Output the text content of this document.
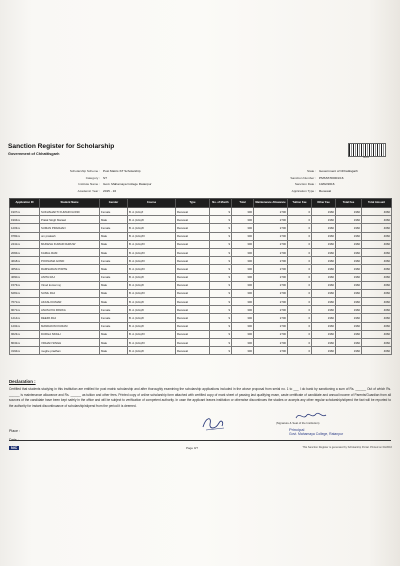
Sanction Register for Scholarship
Government of Chhattisgarh
0001
Scholarship Scheme : Post Matric-ST Scholarship
Category : ST
Institute Name : Govt. Mahamaya College Ratanpur
Academic Year : 2015 - 16
State : Government of Chhattisgarh
Sanction Number : PMSST/00001/16
Sanction Date : 10/02/2016
Application Type : Renewal
Application ID	Student Name	Gender	Course	Type	No. of Month	Total	Maintenance Allowance	Tuition Fee	Other Fee	Total Fee	Total Amount
1907xx	SUKHSHAKTI KUMARI GOND	Female	B. A.(Arts)/I	Renewal	9	300	2700	0	1960	1960	4660
1904xx	Pratal Singh Marawi	Male	B. A.(Arts)/II	Renewal	9	300	2700	0	1960	1960	4660
1203xx	SUMAN PRADHAN	Female	B. A.(Arts)/II	Renewal	9	300	2700	0	1960	1960	4660
9782xx	om prakash	Male	B. A.(Arts)/III	Renewal	9	300	2700	0	1960	1960	4660
2441xx	MUKESH KUMAR DHRUW	Male	B. A.(Arts)/III	Renewal	9	300	2700	0	1960	1960	4660
2084xx	KAMAL RAM	Male	B. A.(Arts)/III	Renewal	9	300	2700	0	1960	1960	4660
4618xx	POONAMA GOND	Female	B. A.(Arts)/III	Renewal	9	300	2700	0	1960	1960	4660
4654xx	RAMSARAN PORTE	Male	B. A.(Arts)/III	Renewal	9	300	2700	0	1960	1960	4660
4660xx	ANITA RAJ	Female	B. A.(Arts)/II	Renewal	9	300	2700	0	1960	1960	4660
1573xx	Vinod kumar raj	Male	B. A.(Arts)/II	Renewal	9	300	2700	0	1960	1960	4660
6281xx	SUNIL RAJ	Male	B. A.(Arts)/III	Renewal	9	300	2700	0	1960	1960	4660
7671xx	AKASH KUMAR	Male	B. A.(Arts)/II	Renewal	9	300	2700	0	1960	1960	4660
9071xx	ANUSUIYA PANIKA	Female	B. A.(Arts)/II	Renewal	9	300	2700	0	1960	1960	4660
1214xx	DEEPA RAJ	Female	B. A.(Arts)/II	Renewal	9	300	2700	0	1960	1960	4660
1202xx	MANDAKINI KURAM	Female	B. A.(Arts)/II	Renewal	9	300	2700	0	1960	1960	4660
9623xx	DURGA SINGH	Male	B. A.(Arts)/III	Renewal	9	300	2700	0	1960	1960	4660
8032xx	VIDHAN SINGH	Male	B. A.(Arts)/III	Renewal	9	300	2700	0	1960	1960	4660
3194xx	meghe pradhan	Male	B. A.(Arts)/II	Renewal	9	300	2700	0	1960	1960	4660
Declaration :
Certified that students studying in this institution are entitled for post matric scholarship and after thoroughly examining the scholarship applications included in the above proposal from serial no. 1 to ___ I do bank by sanctioning a sum of Rs. ______ Out of which Rs. ______ is maintenance allowance and Rs. ______ as tuition and other fees. Printed copy of online scholarship form attached with certified copy of mark sheet of passing last qualifying exam, caste certificate of candidate and annual income of Parents/Guardian from all sources of the candidate have been kept safely in the office and will be subject to verification of competent authority. In case the applicant leaves institution or otherwise discontinues the studies or accepts any other regular scholarship/stipend the fact will be reported to the authority for instant discontinuance of scholarship/stipend from the period it is deemed.
(Signature & Seal of the Institution)
Principal
Govt. Mahamaya College, Ratanpur
Place :
Date :
NIC	Page 0/7	This Sanction Register is generated by Scholarship Portal. Printed on 04/2016
